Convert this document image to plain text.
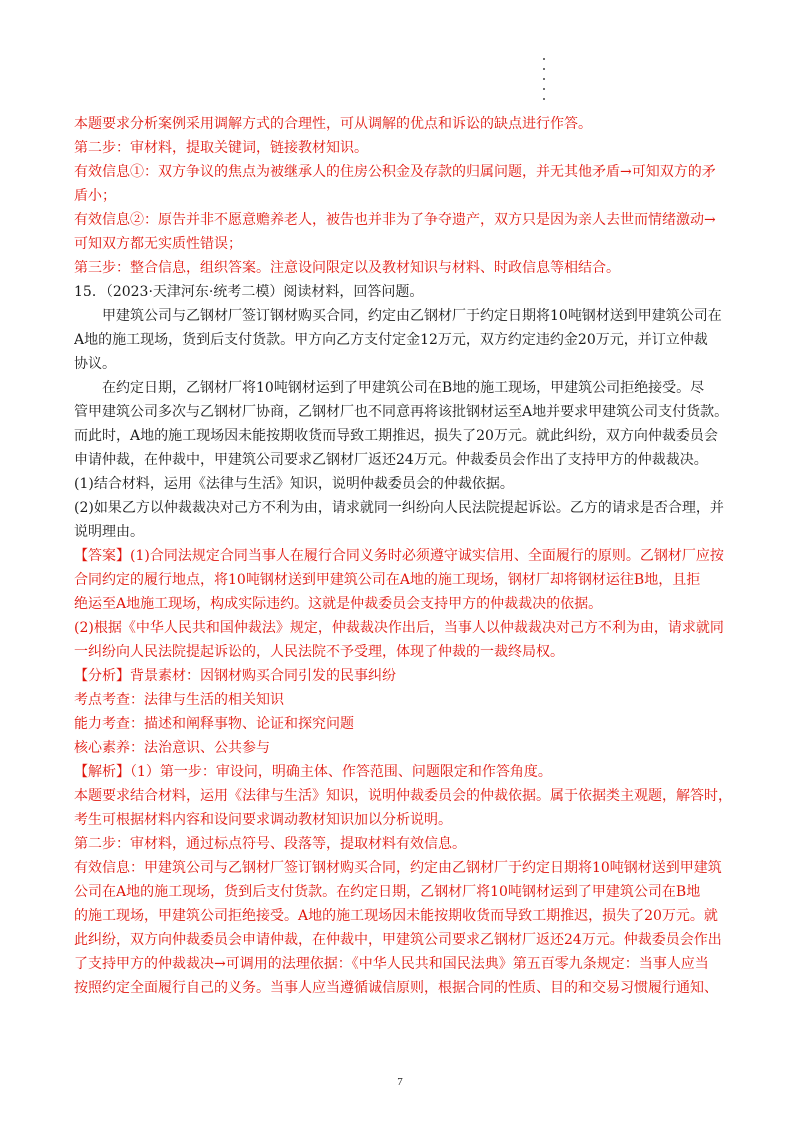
本题要求分析案例采用调解方式的合理性，可从调解的优点和诉讼的缺点进行作答。
第二步：审材料，提取关键词，链接教材知识。
有效信息①：双方争议的焦点为被继承人的住房公积金及存款的归属问题，并无其他矛盾→可知双方的矛
盾小；
有效信息②：原告并非不愿意赡养老人，被告也并非为了争夺遗产，双方只是因为亲人去世而情绪激动→
可知双方都无实质性错误；
第三步：整合信息，组织答案。注意设问限定以及教材知识与材料、时政信息等相结合。
15．（2023·天津河东·统考二模）阅读材料，回答问题。
甲建筑公司与乙钢材厂签订钢材购买合同，约定由乙钢材厂于约定日期将10吨钢材送到甲建筑公司在
A地的施工现场，货到后支付货款。甲方向乙方支付定金12万元，双方约定违约金20万元，并订立仲裁
协议。
在约定日期，乙钢材厂将10吨钢材运到了甲建筑公司在B地的施工现场，甲建筑公司拒绝接受。尽
管甲建筑公司多次与乙钢材厂协商，乙钢材厂也不同意再将该批钢材运至A地并要求甲建筑公司支付货款。
而此时，A地的施工现场因未能按期收货而导致工期推迟，损失了20万元。就此纠纷，双方向仲裁委员会
申请仲裁，在仲裁中，甲建筑公司要求乙钢材厂返还24万元。仲裁委员会作出了支持甲方的仲裁裁决。
(1)结合材料，运用《法律与生活》知识，说明仲裁委员会的仲裁依据。
(2)如果乙方以仲裁裁决对己方不利为由，请求就同一纠纷向人民法院提起诉讼。乙方的请求是否合理，并
说明理由。
【答案】(1)合同法规定合同当事人在履行合同义务时必须遵守诚实信用、全面履行的原则。乙钢材厂应按
合同约定的履行地点，将10吨钢材送到甲建筑公司在A地的施工现场，钢材厂却将钢材运往B地，且拒
绝运至A地施工现场，构成实际违约。这就是仲裁委员会支持甲方的仲裁裁决的依据。
(2)根据《中华人民共和国仲裁法》规定，仲裁裁决作出后，当事人以仲裁裁决对己方不利为由，请求就同
一纠纷向人民法院提起诉讼的，人民法院不予受理，体现了仲裁的一裁终局权。
【分析】背景素材：因钢材购买合同引发的民事纠纷
考点考查：法律与生活的相关知识
能力考查：描述和阐释事物、论证和探究问题
核心素养：法治意识、公共参与
【解析】（1）第一步：审设问，明确主体、作答范围、问题限定和作答角度。
本题要求结合材料，运用《法律与生活》知识，说明仲裁委员会的仲裁依据。属于依据类主观题，解答时，
考生可根据材料内容和设问要求调动教材知识加以分析说明。
第二步：审材料，通过标点符号、段落等，提取材料有效信息。
有效信息：甲建筑公司与乙钢材厂签订钢材购买合同，约定由乙钢材厂于约定日期将10吨钢材送到甲建筑
公司在A地的施工现场，货到后支付货款。在约定日期，乙钢材厂将10吨钢材运到了甲建筑公司在B地
的施工现场，甲建筑公司拒绝接受。A地的施工现场因未能按期收货而导致工期推迟，损失了20万元。就
此纠纷，双方向仲裁委员会申请仲裁，在仲裁中，甲建筑公司要求乙钢材厂返还24万元。仲裁委员会作出
了支持甲方的仲裁裁决→可调用的法理依据：《中华人民共和国民法典》第五百零九条规定：当事人应当
按照约定全面履行自己的义务。当事人应当遵循诚信原则，根据合同的性质、目的和交易习惯履行通知、
7
